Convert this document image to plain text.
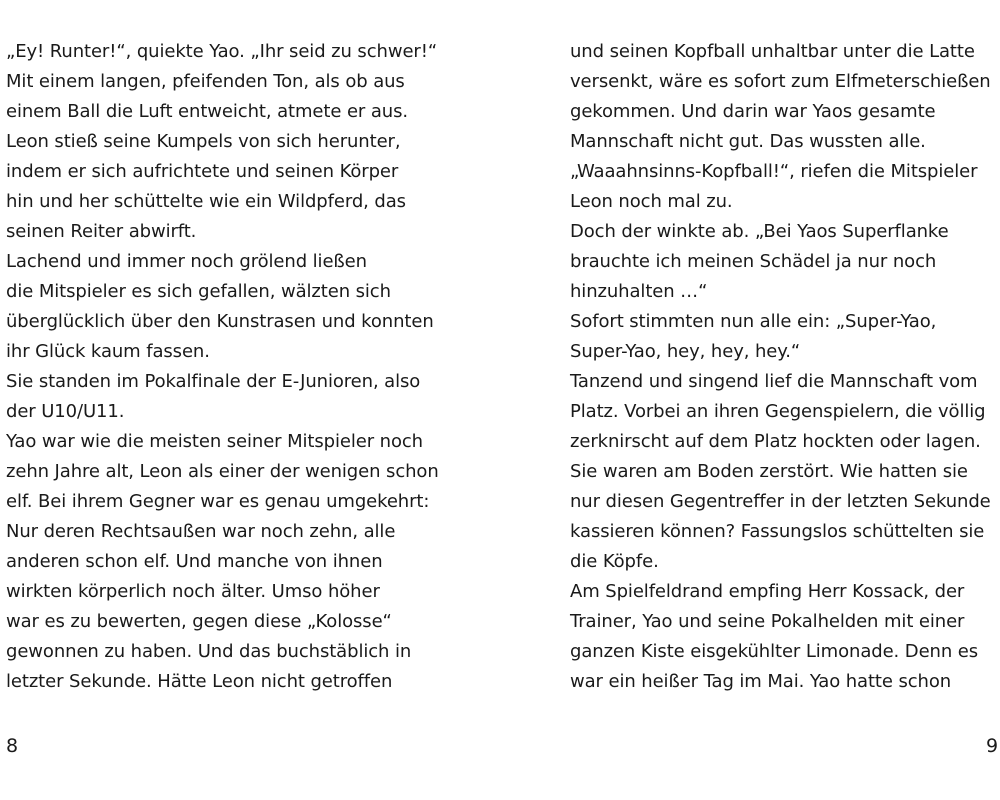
„Ey! Runter!“, quiekte Yao. „Ihr seid zu schwer!“
Mit einem langen, pfeifenden Ton, als ob aus
einem Ball die Luft entweicht, atmete er aus.
Leon stieß seine Kumpels von sich herunter,
indem er sich aufrichtete und seinen Körper
hin und her schüttelte wie ein Wildpferd, das
seinen Reiter abwirft.
Lachend und immer noch grölend ließen
die Mitspieler es sich gefallen, wälzten sich
überglücklich über den Kunstrasen und konnten
ihr Glück kaum fassen.
Sie standen im Pokalfinale der E-Junioren, also
der U10/U11.
Yao war wie die meisten seiner Mitspieler noch
zehn Jahre alt, Leon als einer der wenigen schon
elf. Bei ihrem Gegner war es genau umgekehrt:
Nur deren Rechtsaußen war noch zehn, alle
anderen schon elf. Und manche von ihnen
wirkten körperlich noch älter. Umso höher
war es zu bewerten, gegen diese „Kolosse“
gewonnen zu haben. Und das buchstäblich in
letzter Sekunde. Hätte Leon nicht getroffen
8
und seinen Kopfball unhaltbar unter die Latte
versenkt, wäre es sofort zum Elfmeterschießen
gekommen. Und darin war Yaos gesamte
Mannschaft nicht gut. Das wussten alle.
„Waaahnsinns-Kopfball!“, riefen die Mitspieler
Leon noch mal zu.
Doch der winkte ab. „Bei Yaos Superflanke
brauchte ich meinen Schädel ja nur noch
hinzuhalten …“
Sofort stimmten nun alle ein: „Super-Yao,
Super-Yao, hey, hey, hey.“
Tanzend und singend lief die Mannschaft vom
Platz. Vorbei an ihren Gegenspielern, die völlig
zerknirscht auf dem Platz hockten oder lagen.
Sie waren am Boden zerstört. Wie hatten sie
nur diesen Gegentreffer in der letzten Sekunde
kassieren können? Fassungslos schüttelten sie
die Köpfe.
Am Spielfeldrand empfing Herr Kossack, der
Trainer, Yao und seine Pokalhelden mit einer
ganzen Kiste eisgekühlter Limonade. Denn es
war ein heißer Tag im Mai. Yao hatte schon
9
